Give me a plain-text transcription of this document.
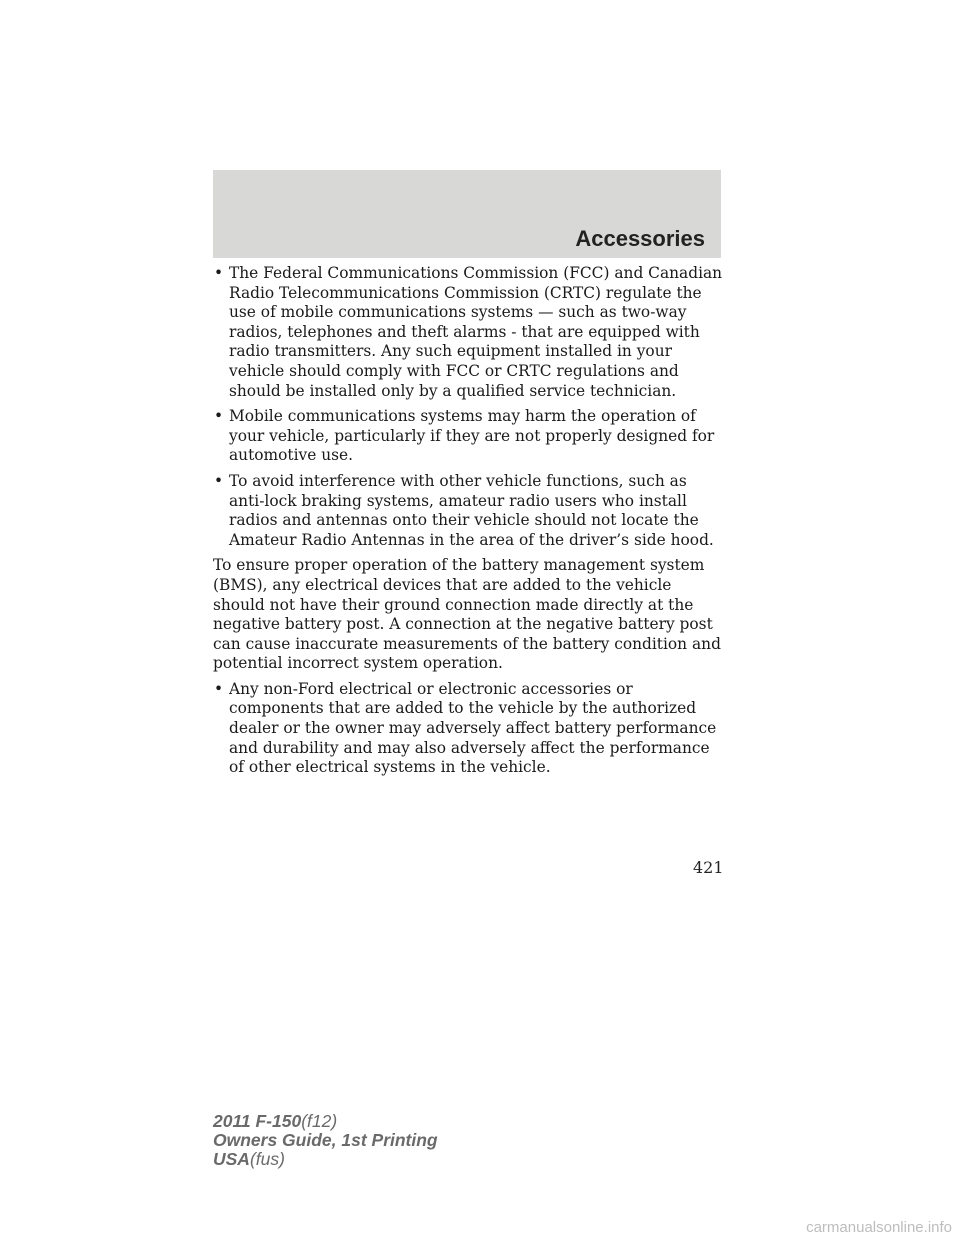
Accessories
• The Federal Communications Commission (FCC) and Canadian Radio Telecommunications Commission (CRTC) regulate the use of mobile communications systems — such as two-way radios, telephones and theft alarms - that are equipped with radio transmitters. Any such equipment installed in your vehicle should comply with FCC or CRTC regulations and should be installed only by a qualified service technician.
• Mobile communications systems may harm the operation of your vehicle, particularly if they are not properly designed for automotive use.
• To avoid interference with other vehicle functions, such as anti-lock braking systems, amateur radio users who install radios and antennas onto their vehicle should not locate the Amateur Radio Antennas in the area of the driver’s side hood.

To ensure proper operation of the battery management system (BMS), any electrical devices that are added to the vehicle should not have their ground connection made directly at the negative battery post. A connection at the negative battery post can cause inaccurate measurements of the battery condition and potential incorrect system operation.

• Any non-Ford electrical or electronic accessories or components that are added to the vehicle by the authorized dealer or the owner may adversely affect battery performance and durability and may also adversely affect the performance of other electrical systems in the vehicle.
421
2011 F-150(f12)
Owners Guide, 1st Printing
USA(fus)
carmanualsonline.info
